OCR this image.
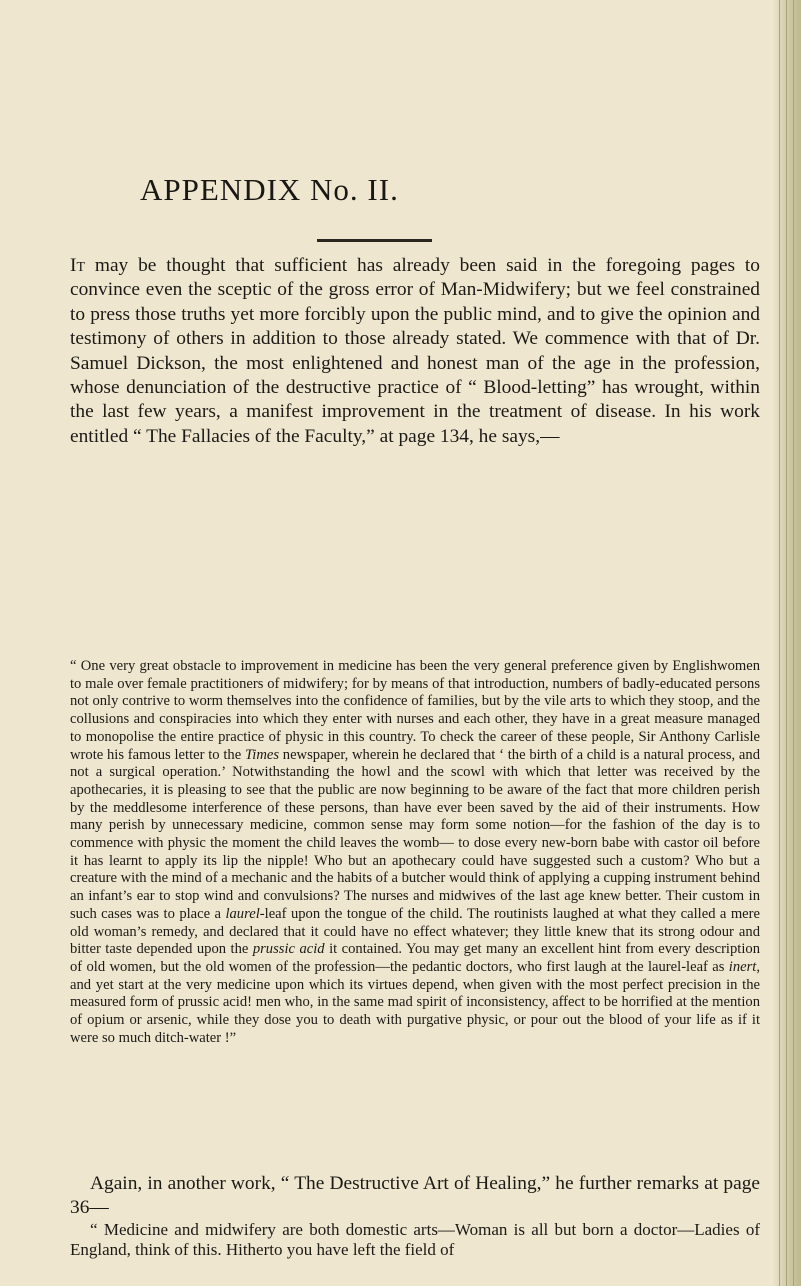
APPENDIX No. II.

It may be thought that sufficient has already been said in the foregoing pages to convince even the sceptic of the gross error of Man-Midwifery; but we feel constrained to press those truths yet more forcibly upon the public mind, and to give the opinion and testimony of others in addition to those already stated. We commence with that of Dr. Samuel Dickson, the most enlightened and honest man of the age in the profession, whose denunciation of the destructive practice of “ Blood-letting” has wrought, within the last few years, a manifest improvement in the treatment of disease. In his work entitled “ The Fallacies of the Faculty,” at page 134, he says,—

“ One very great obstacle to improvement in medicine has been the very general preference given by Englishwomen to male over female practitioners of midwifery; for by means of that introduction, numbers of badly-educated persons not only contrive to worm themselves into the confidence of families, but by the vile arts to which they stoop, and the collusions and conspiracies into which they enter with nurses and each other, they have in a great measure managed to monopolise the entire practice of physic in this country. To check the career of these people, Sir Anthony Carlisle wrote his famous letter to the Times newspaper, wherein he declared that ‘ the birth of a child is a natural process, and not a surgical operation.’ Notwithstanding the howl and the scowl with which that letter was received by the apothecaries, it is pleasing to see that the public are now beginning to be aware of the fact that more children perish by the meddlesome interference of these persons, than have ever been saved by the aid of their instruments. How many perish by unnecessary medicine, common sense may form some notion—for the fashion of the day is to commence with physic the moment the child leaves the womb— to dose every new-born babe with castor oil before it has learnt to apply its lip the nipple! Who but an apothecary could have suggested such a custom? Who but a creature with the mind of a mechanic and the habits of a butcher would think of applying a cupping instrument behind an infant’s ear to stop wind and convulsions? The nurses and midwives of the last age knew better. Their custom in such cases was to place a laurel-leaf upon the tongue of the child. The routinists laughed at what they called a mere old woman’s remedy, and declared that it could have no effect whatever; they little knew that its strong odour and bitter taste depended upon the prussic acid it contained. You may get many an excellent hint from every description of old women, but the old women of the profession—the pedantic doctors, who first laugh at the laurel-leaf as inert, and yet start at the very medicine upon which its virtues depend, when given with the most perfect precision in the measured form of prussic acid! men who, in the same mad spirit of inconsistency, affect to be horrified at the mention of opium or arsenic, while they dose you to death with purgative physic, or pour out the blood of your life as if it were so much ditch-water !”

Again, in another work, “ The Destructive Art of Healing,” he further remarks at page 36—

“ Medicine and midwifery are both domestic arts—Woman is all but born a doctor—Ladies of England, think of this. Hitherto you have left the field of
